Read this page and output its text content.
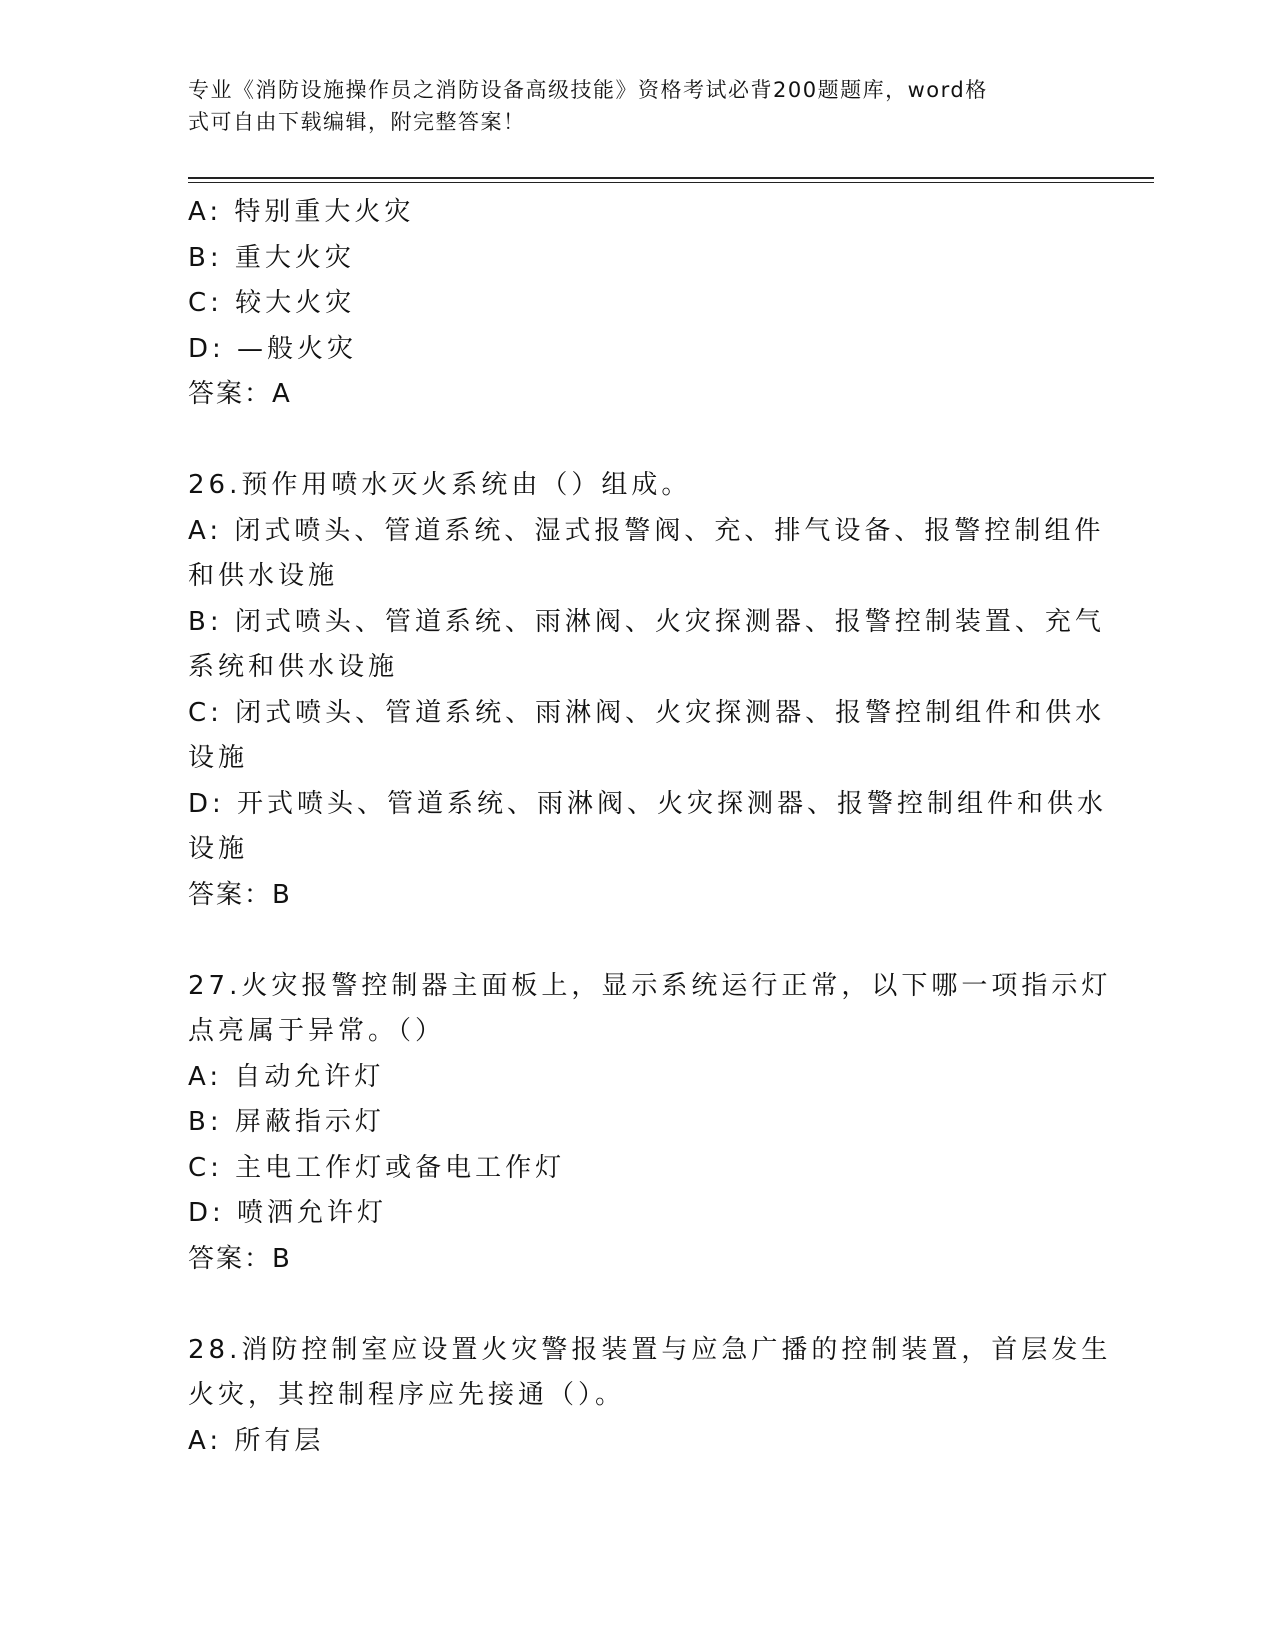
专业《消防设施操作员之消防设备高级技能》资格考试必背200题题库，word格
式可自由下载编辑，附完整答案！
A: 特别重大火灾
B: 重大火灾
C: 较大火灾
D: —般火灾
答案：A
26.预作用喷水灭火系统由（）组成。
A: 闭式喷头、管道系统、湿式报警阀、充、排气设备、报警控制组件
和供水设施
B: 闭式喷头、管道系统、雨淋阀、火灾探测器、报警控制装置、充气
系统和供水设施
C: 闭式喷头、管道系统、雨淋阀、火灾探测器、报警控制组件和供水
设施
D: 开式喷头、管道系统、雨淋阀、火灾探测器、报警控制组件和供水
设施
答案：B
27.火灾报警控制器主面板上，显示系统运行正常，以下哪一项指示灯
点亮属于异常。（）
A: 自动允许灯
B: 屏蔽指示灯
C: 主电工作灯或备电工作灯
D: 喷洒允许灯
答案：B
28.消防控制室应设置火灾警报装置与应急广播的控制装置，首层发生
火灾，其控制程序应先接通（）。
A: 所有层
